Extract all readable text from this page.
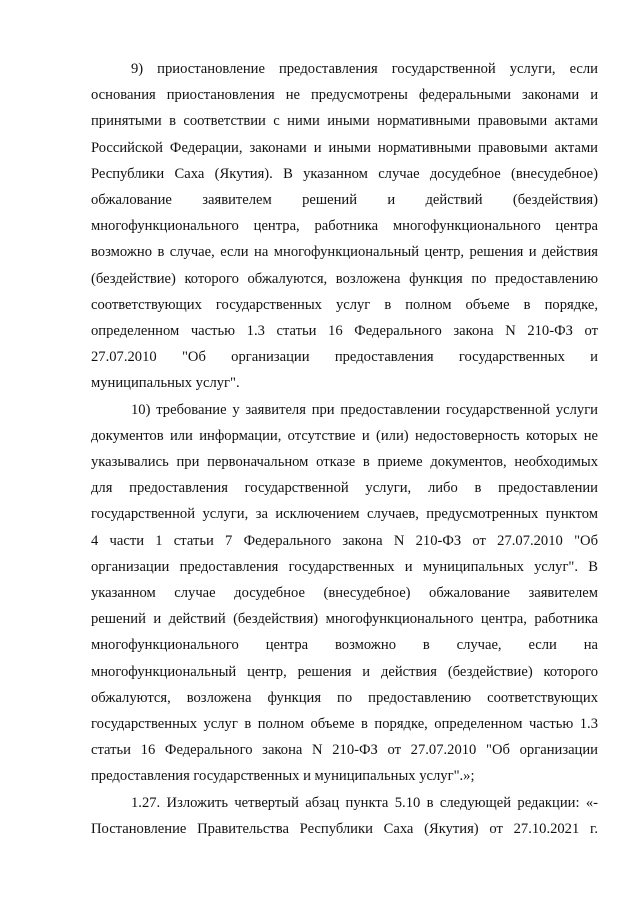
9) приостановление предоставления государственной услуги, если
основания приостановления не предусмотрены федеральными законами и
принятыми в соответствии с ними иными нормативными правовыми актами
Российской Федерации, законами и иными нормативными правовыми актами
Республики Саха (Якутия). В указанном случае досудебное (внесудебное)
обжалование заявителем решений и действий (бездействия)
многофункционального центра, работника многофункционального центра
возможно в случае, если на многофункциональный центр, решения и действия
(бездействие) которого обжалуются, возложена функция по предоставлению
соответствующих государственных услуг в полном объеме в порядке,
определенном частью 1.3 статьи 16 Федерального закона N 210-ФЗ от
27.07.2010 "Об организации предоставления государственных и
муниципальных услуг".
10) требование у заявителя при предоставлении государственной услуги
документов или информации, отсутствие и (или) недостоверность которых не
указывались при первоначальном отказе в приеме документов, необходимых
для предоставления государственной услуги, либо в предоставлении
государственной услуги, за исключением случаев, предусмотренных пунктом
4 части 1 статьи 7 Федерального закона N 210-ФЗ от 27.07.2010 "Об
организации предоставления государственных и муниципальных услуг". В
указанном случае досудебное (внесудебное) обжалование заявителем
решений и действий (бездействия) многофункционального центра, работника
многофункционального центра возможно в случае, если на
многофункциональный центр, решения и действия (бездействие) которого
обжалуются, возложена функция по предоставлению соответствующих
государственных услуг в полном объеме в порядке, определенном частью 1.3
статьи 16 Федерального закона N 210-ФЗ от 27.07.2010 "Об организации
предоставления государственных и муниципальных услуг".»;
1.27. Изложить четвертый абзац пункта 5.10 в следующей редакции: «-
Постановление Правительства Республики Саха (Якутия) от 27.10.2021 г.
